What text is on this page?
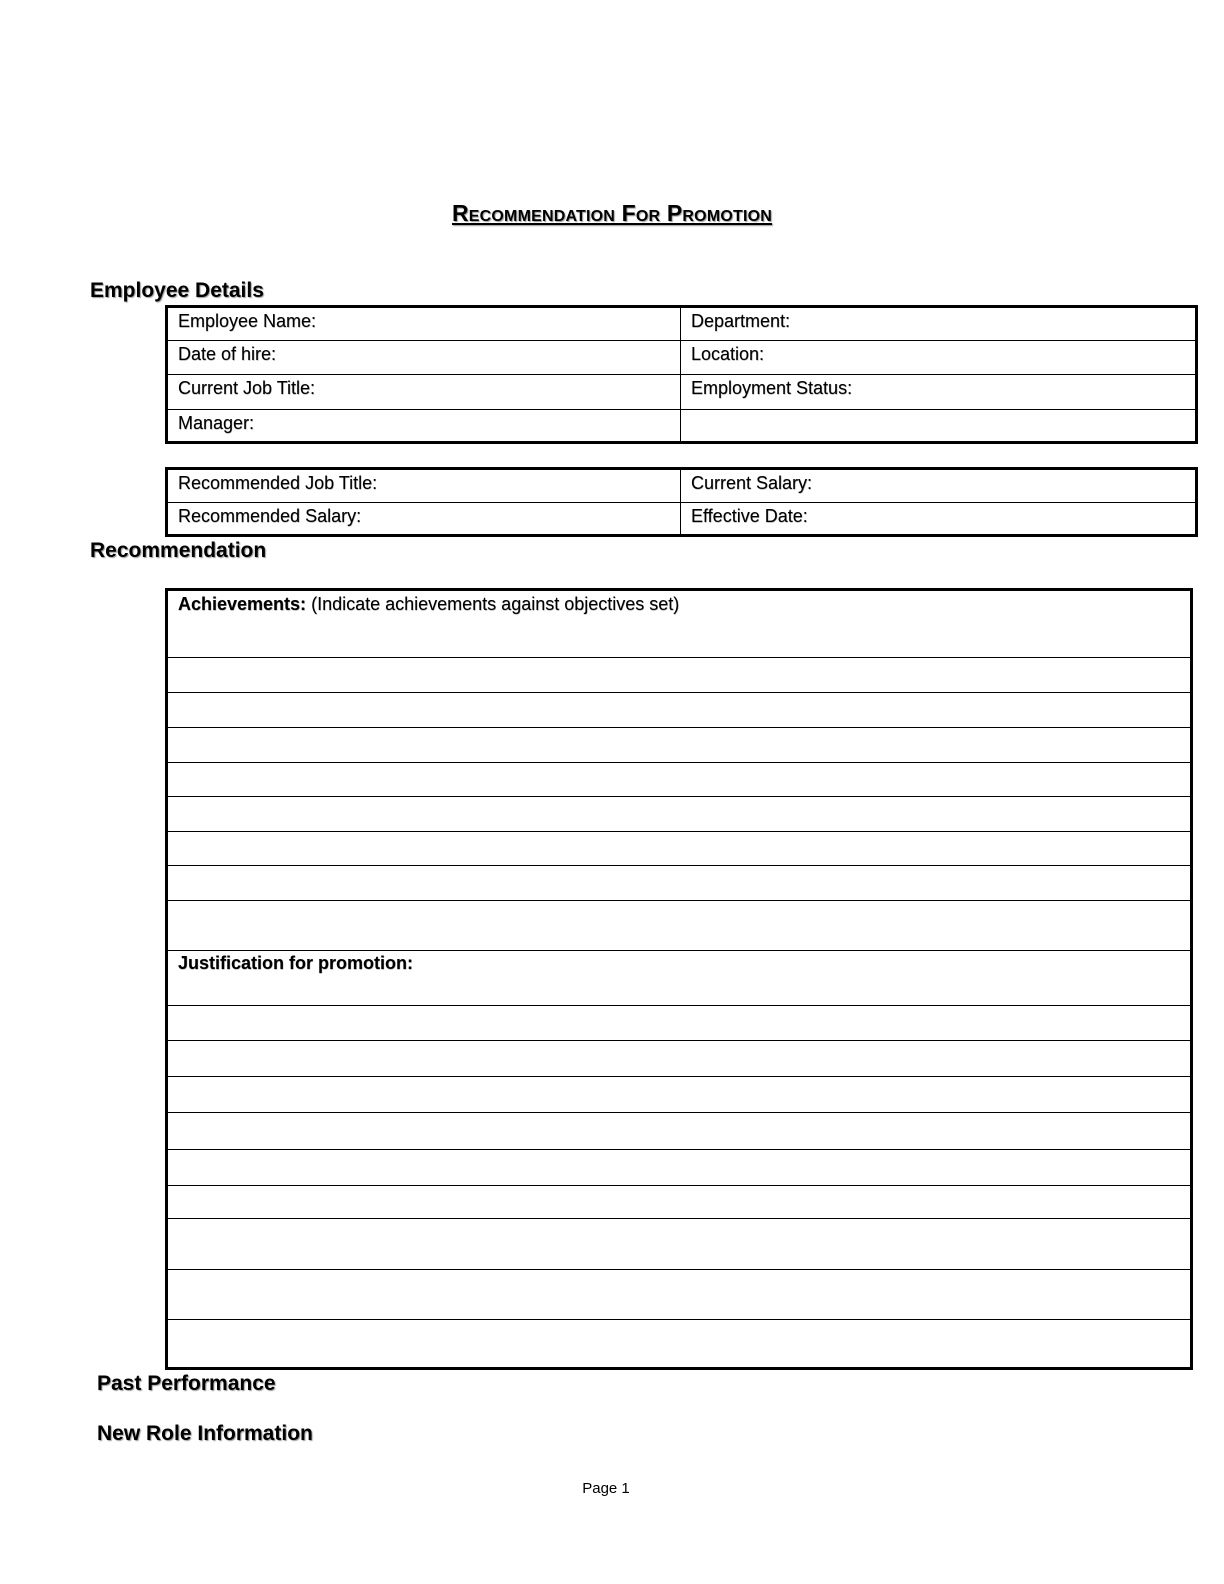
Recommendation For Promotion
Employee Details
Employee Name:	Department:
Date of hire:	Location:
Current Job Title:	Employment Status:
Manager:
Recommended Job Title:	Current Salary:
Recommended Salary:	Effective Date:
Recommendation
Achievements: (Indicate achievements against objectives set)
Justification for promotion:
Past Performance
New Role Information
Page 1
